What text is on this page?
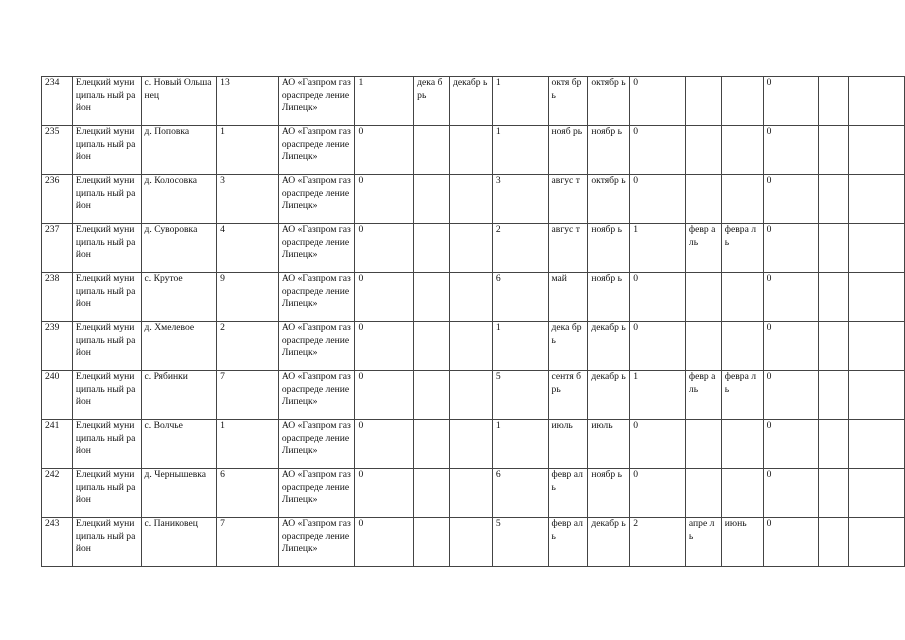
234	Елецкий муниципаль ный район	с. Новый Ольшанец	13	АО «Газпром газораспреде ление Липецк»	1	дека брь	декабр ь	1	октя брь	октябр ь	0			0		
235	Елецкий муниципаль ный район	д. Поповка	1	АО «Газпром газораспреде ление Липецк»	0			1	нояб рь	ноябр ь	0			0		
236	Елецкий муниципаль ный район	д. Колосовка	3	АО «Газпром газораспреде ление Липецк»	0			3	авгус т	октябр ь	0			0		
237	Елецкий муниципаль ный район	д. Суворовка	4	АО «Газпром газораспреде ление Липецк»	0			2	авгус т	ноябр ь	1	февр аль	февра ль	0		
238	Елецкий муниципаль ный район	с. Крутое	9	АО «Газпром газораспреде ление Липецк»	0			6	май	ноябр ь	0			0		
239	Елецкий муниципаль ный район	д. Хмелевое	2	АО «Газпром газораспреде ление Липецк»	0			1	дека брь	декабр ь	0			0		
240	Елецкий муниципаль ный район	с. Рябинки	7	АО «Газпром газораспреде ление Липецк»	0			5	сентя брь	декабр ь	1	февр аль	февра ль	0		
241	Елецкий муниципаль ный район	с. Волчье	1	АО «Газпром газораспреде ление Липецк»	0			1	июль	июль	0			0		
242	Елецкий муниципаль ный район	д. Чернышевка	6	АО «Газпром газораспреде ление Липецк»	0			6	февр аль	ноябр ь	0			0		
243	Елецкий муниципаль ный район	с. Паниковец	7	АО «Газпром газораспреде ление Липецк»	0			5	февр аль	декабр ь	2	апре ль	июнь	0		
